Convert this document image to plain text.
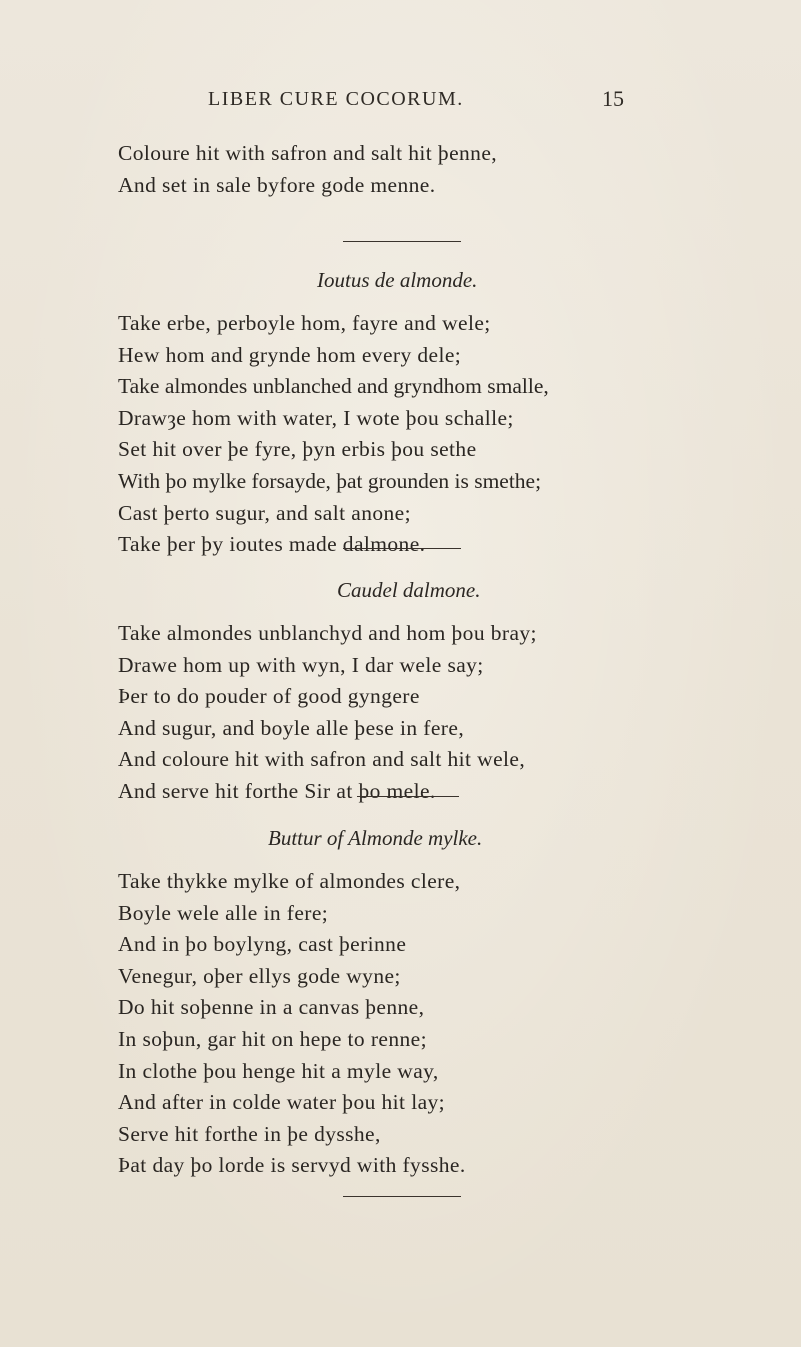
LIBER CURE COCORUM.	15
Coloure hit with safron and salt hit þenne,
And set in sale byfore gode menne.
Ioutus de almonde.
Take erbe, perboyle hom, fayre and wele;
Hew hom and grynde hom every dele;
Take almondes unblanched and gryndhom smalle,
Drawȝe hom with water, I wote þou schalle;
Set hit over þe fyre, þyn erbis þou sethe
With þo mylke forsayde, þat grounden is smethe;
Cast þerto sugur, and salt anone;
Take þer þy ioutes made dalmone.
Caudel dalmone.
Take almondes unblanchyd and hom þou bray;
Drawe hom up with wyn, I dar wele say;
Þer to do pouder of good gyngere
And sugur, and boyle alle þese in fere,
And coloure hit with safron and salt hit wele,
And serve hit forthe Sir at þo mele.
Buttur of Almonde mylke.
Take thykke mylke of almondes clere,
Boyle wele alle in fere;
And in þo boylyng, cast þerinne
Venegur, oþer ellys gode wyne;
Do hit soþenne in a canvas þenne,
In soþun, gar hit on hepe to renne;
In clothe þou henge hit a myle way,
And after in colde water þou hit lay;
Serve hit forthe in þe dysshe,
Þat day þo lorde is servyd with fysshe.
